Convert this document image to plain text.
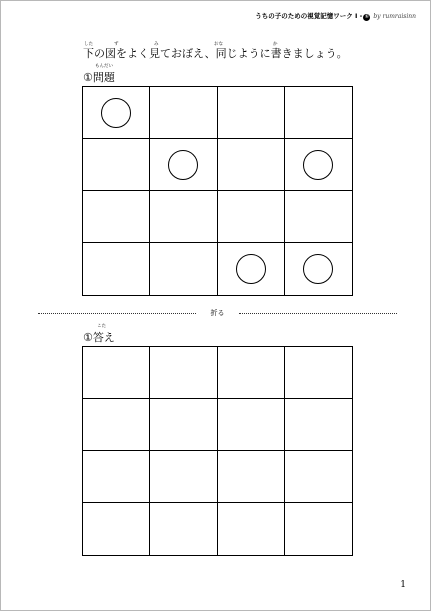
うちの子のための視覚記憶ワーク Ⅰ - ① by rumraisinn
した	ず	み	おな	か
下の図をよく見ておぼえ、同じように書きましょう。
もんだい
①問題
折る
こた
①答え
1
